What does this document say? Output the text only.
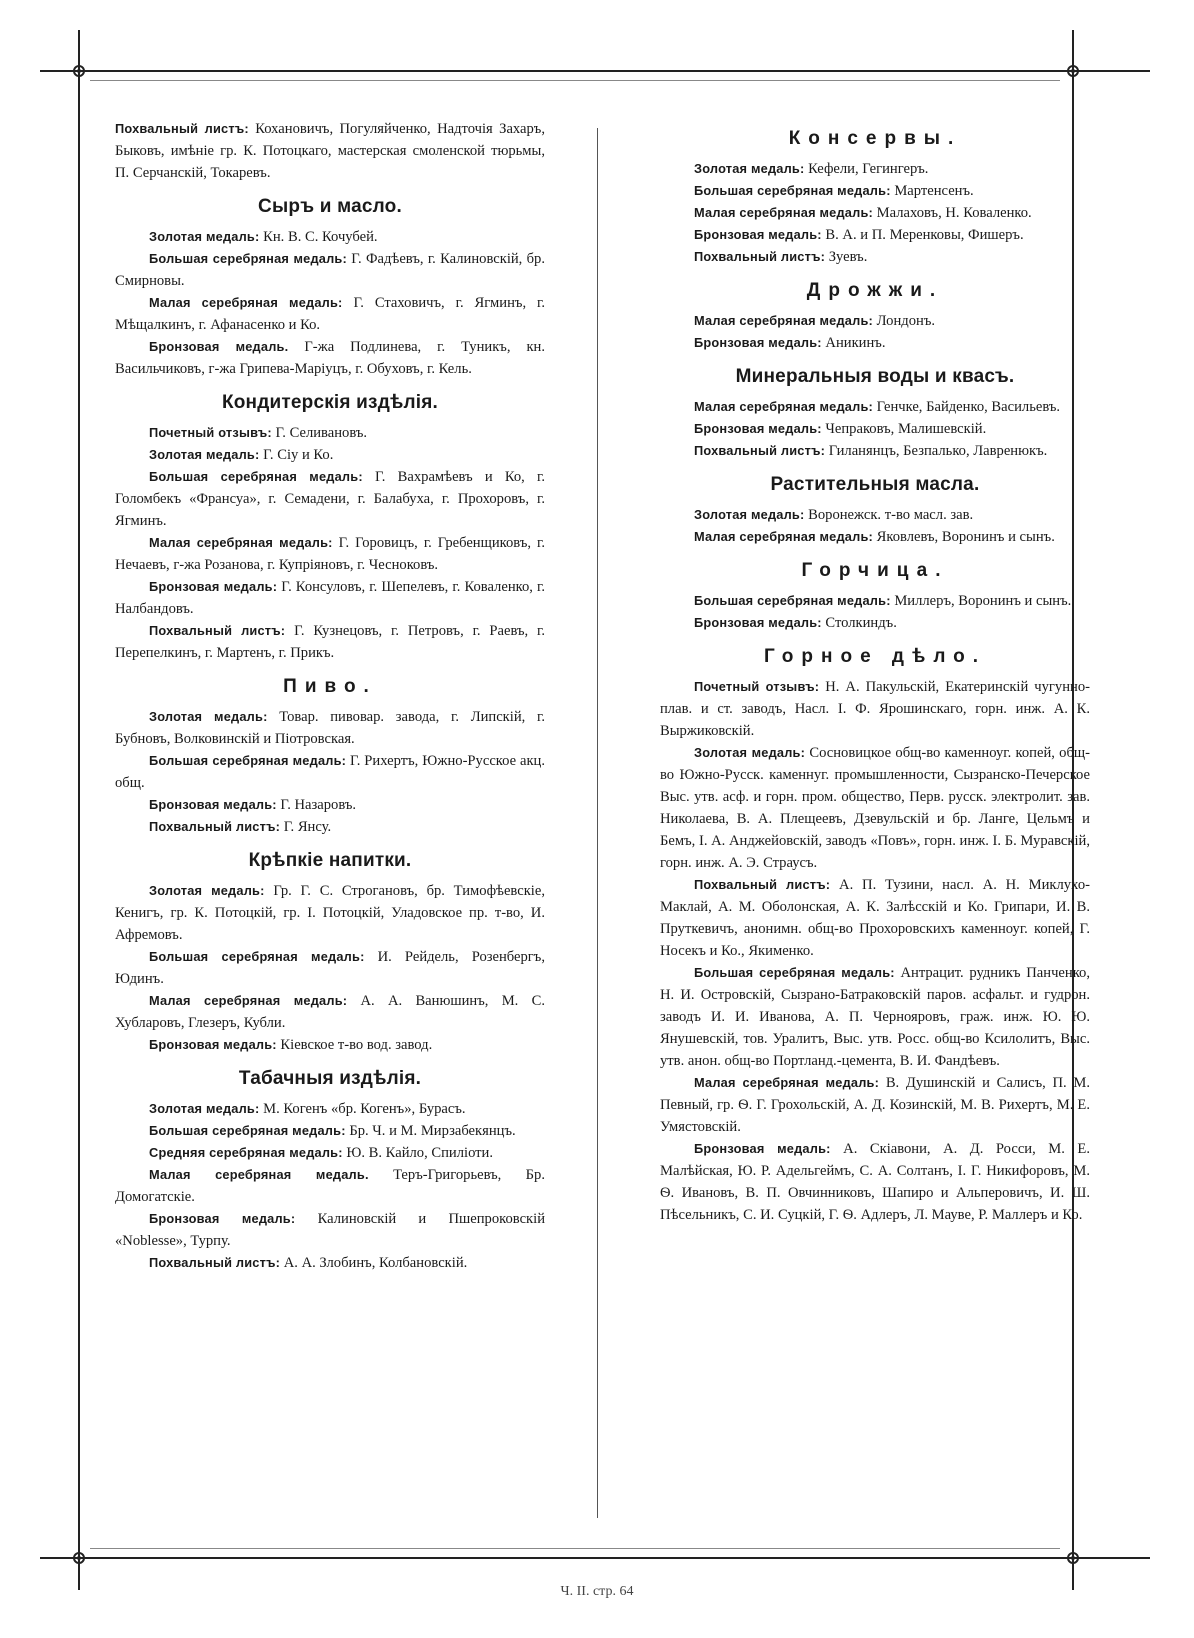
Похвальный листъ: Кохановичъ, Погуляйченко, Надточія Захаръ, Быковъ, имѣніе гр. К. Потоцкаго, мастерская смоленской тюрьмы, П. Серчанскій, Токаревъ.

Сыръ и масло.

Золотая медаль: Кн. В. С. Кочубей.

Большая серебряная медаль: Г. Фадѣевъ, г. Калиновскій, бр. Смирновы.

Малая серебряная медаль: Г. Стаховичъ, г. Ягминъ, г. Мѣщалкинъ, г. Афанасенко и Ко.

Бронзовая медаль. Г-жа Подлинева, г. Туникъ, кн. Васильчиковъ, г-жа Грипева-Маріуцъ, г. Обуховъ, г. Кель.

Кондитерскія издѣлія.

Почетный отзывъ: Г. Селивановъ.

Золотая медаль: Г. Сіу и Ко.

Большая серебряная медаль: Г. Вахрамѣевъ и Ко, г. Голомбекъ «Франсуа», г. Семадени, г. Балабуха, г. Прохоровъ, г. Ягминъ.

Малая серебряная медаль: Г. Горовицъ, г. Гребенщиковъ, г. Нечаевъ, г-жа Розанова, г. Купріяновъ, г. Чесноковъ.

Бронзовая медаль: Г. Консуловъ, г. Шепелевъ, г. Коваленко, г. Налбандовъ.

Похвальный листъ: Г. Кузнецовъ, г. Петровъ, г. Раевъ, г. Перепелкинъ, г. Мартенъ, г. Прикъ.

Пиво.

Золотая медаль: Товар. пивовар. завода, г. Липскій, г. Бубновъ, Волковинскій и Піотровская.

Большая серебряная медаль: Г. Рихертъ, Южно-Русское акц. общ.

Бронзовая медаль: Г. Назаровъ.

Похвальный листъ: Г. Янсу.

Крѣпкіе напитки.

Золотая медаль: Гр. Г. С. Строгановъ, бр. Тимофѣевскіе, Кенигъ, гр. К. Потоцкій, гр. І. Потоцкій, Уладовское пр. т-во, И. Афремовъ.

Большая серебряная медаль: И. Рейдель, Розенбергъ, Юдинъ.

Малая серебряная медаль: А. А. Ванюшинъ, М. С. Хубларовъ, Глезеръ, Кубли.

Бронзовая медаль: Кіевское т-во вод. завод.

Табачныя издѣлія.

Золотая медаль: М. Когенъ «бр. Когенъ», Бурасъ.

Большая серебряная медаль: Бр. Ч. и М. Мирзабекянцъ.

Средняя серебряная медаль: Ю. В. Кайло, Спиліоти.

Малая серебряная медаль. Теръ-Григорьевъ, Бр. Домогатскіе.

Бронзовая медаль: Калиновскій и Пшепроковскій «Noblesse», Турпу.

Похвальный листъ: А. А. Злобинъ, Колбановскій.

Консервы.

Золотая медаль: Кефели, Гегингеръ.

Большая серебряная медаль: Мартенсенъ.

Малая серебряная медаль: Малаховъ, Н. Коваленко.

Бронзовая медаль: В. А. и П. Меренковы, Фишеръ.

Похвальный листъ: Зуевъ.

Дрожжи.

Малая серебряная медаль: Лондонъ.

Бронзовая медаль: Аникинъ.

Минеральныя воды и квасъ.

Малая серебряная медаль: Генчке, Байденко, Васильевъ.

Бронзовая медаль: Чепраковъ, Малишевскій.

Похвальный листъ: Гиланянцъ, Безпалько, Лавренюкъ.

Растительныя масла.

Золотая медаль: Воронежск. т-во масл. зав.

Малая серебряная медаль: Яковлевъ, Воронинъ и сынъ.

Горчица.

Большая серебряная медаль: Миллеръ, Воронинъ и сынъ.

Бронзовая медаль: Столкиндъ.

Горное дѣло.

Почетный отзывъ: Н. А. Пакульскій, Екатеринскій чугунно-плав. и ст. заводъ, Насл. І. Ф. Ярошинскаго, горн. инж. А. К. Выржиковскій.

Золотая медаль: Сосновицкое общ-во каменноуг. копей, общ-во Южно-Русск. каменнуг. промышленности, Сызранско-Печерское Выс. утв. асф. и горн. пром. общество, Перв. русск. электролит. зав. Николаева, В. А. Плещеевъ, Дзевульскій и бр. Ланге, Цельмъ и Бемъ, І. А. Анджейовскій, заводъ «Повъ», горн. инж. І. Б. Муравскій, горн. инж. А. Э. Страусъ.

Похвальный листъ: А. П. Тузини, насл. А. Н. Миклухо-Маклай, А. М. Оболонская, А. К. Залѣсскій и Ко. Грипари, И. В. Пруткевичъ, анонимн. общ-во Прохоровскихъ каменноуг. копей, Г. Носекъ и Ко., Якименко.

Большая серебряная медаль: Антрацит. рудникъ Панченко, Н. И. Островскій, Сызрано-Батраковскій паров. асфальт. и гудрон. заводъ И. И. Иванова, А. П. Чернояровъ, граж. инж. Ю. Ю. Янушевскій, тов. Уралитъ, Выс. утв. Росс. общ-во Ксилолитъ, Выс. утв. анон. общ-во Портланд.-цемента, В. И. Фандѣевъ.

Малая серебряная медаль: В. Душинскій и Салисъ, П. М. Певный, гр. Ѳ. Г. Грохольскій, А. Д. Козинскій, М. В. Рихертъ, М. Е. Умястовскій.

Бронзовая медаль: А. Скіавони, А. Д. Росси, М. Е. Малѣйская, Ю. Р. Адельгеймъ, С. А. Солтанъ, І. Г. Никифоровъ, М. Ѳ. Ивановъ, В. П. Овчинниковъ, Шапиро и Альперовичъ, И. Ш. Пѣсельникъ, С. И. Суцкій, Г. Ѳ. Адлеръ, Л. Мауве, Р. Маллеръ и Ко.

Ч. II. стр. 64
